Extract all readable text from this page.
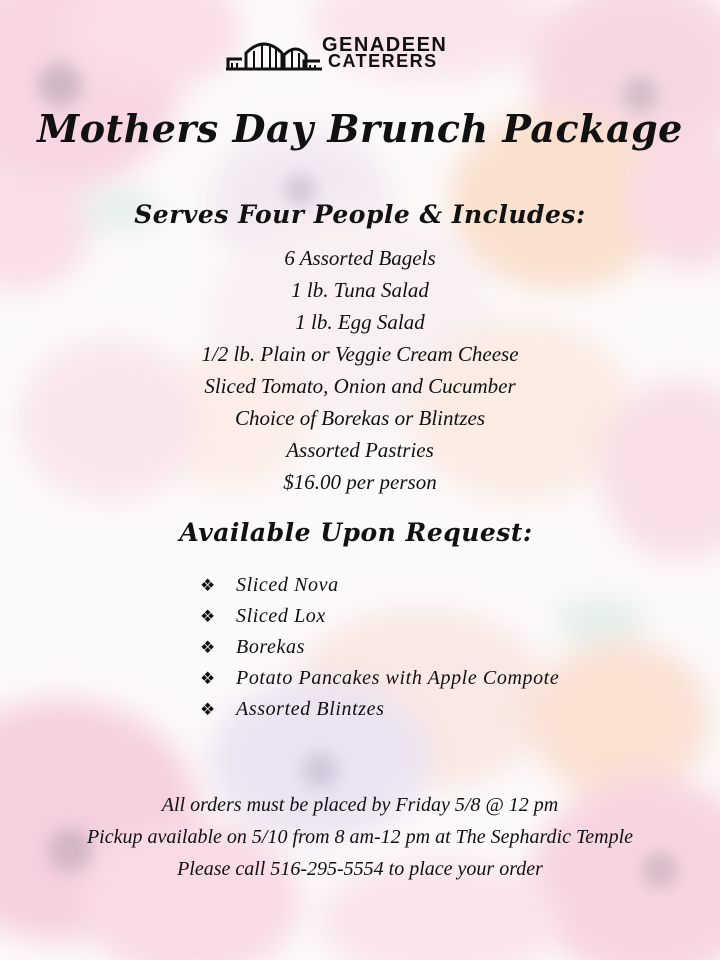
GENADEEN
CATERERS
Mothers Day Brunch Package
Serves Four People & Includes:
6 Assorted Bagels
1 lb. Tuna Salad
1 lb. Egg Salad
1/2 lb. Plain or Veggie Cream Cheese
Sliced Tomato, Onion and Cucumber
Choice of Borekas or Blintzes
Assorted Pastries
$16.00 per person
Available Upon Request:
❖ Sliced Nova
❖ Sliced Lox
❖ Borekas
❖ Potato Pancakes with Apple Compote
❖ Assorted Blintzes
All orders must be placed by Friday 5/8 @ 12 pm
Pickup available on 5/10 from 8 am-12 pm at The Sephardic Temple
Please call 516-295-5554 to place your order
